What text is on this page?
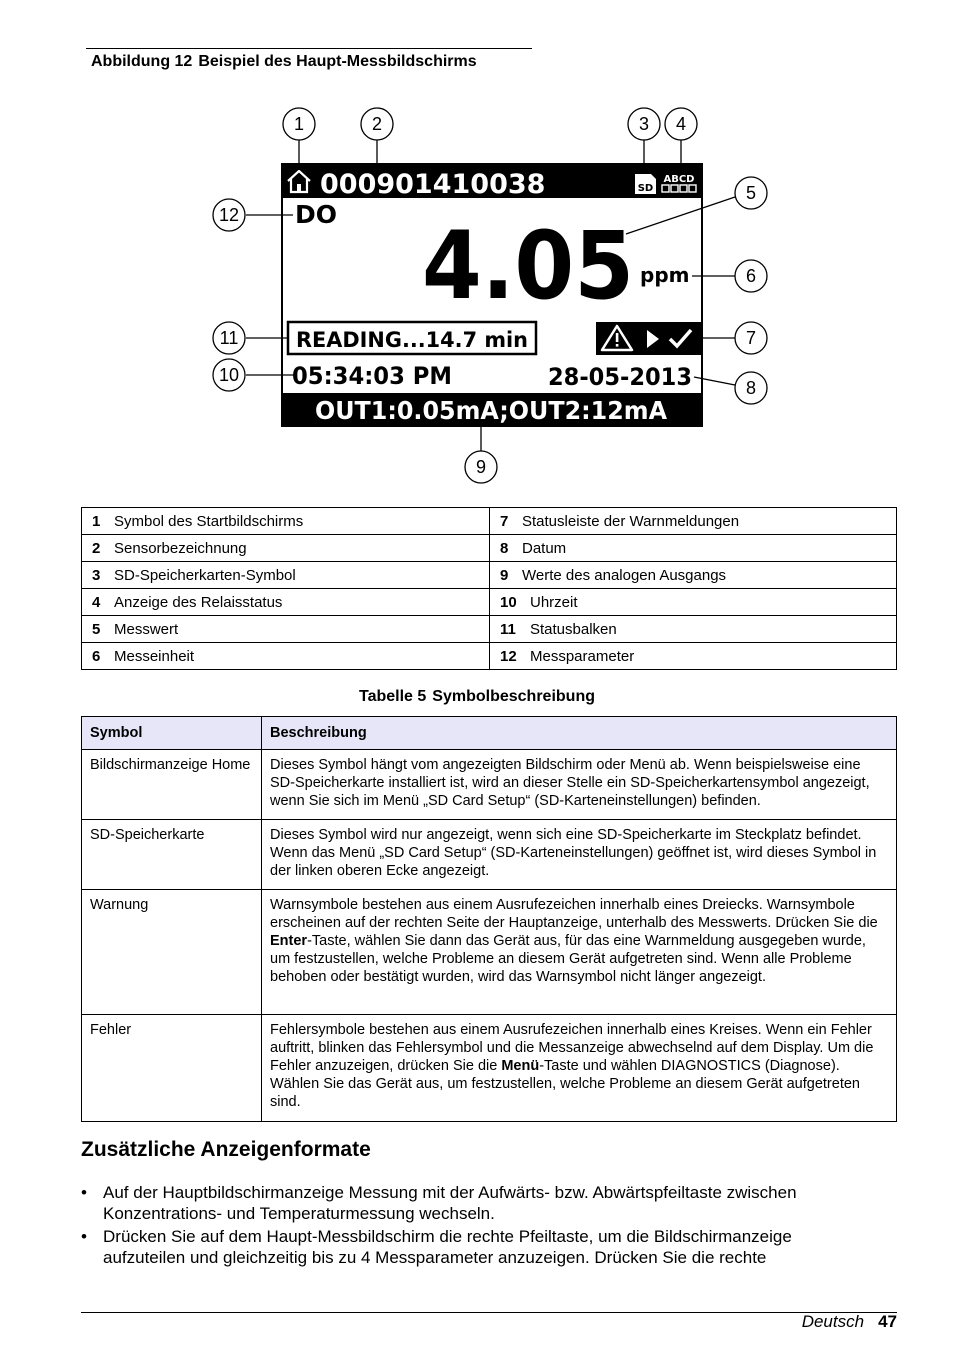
Abbildung 12 Beispiel des Haupt-Messbildschirms
000901410038	SD
ABCD
DO 4.05 ppm
READING...14.7 min
05:34:03 PM	28-05-2013
OUT1:0.05mA;OUT2:12mA
1	2	3 4
5
6
7
8
9
10
11
12
1 Symbol des Startbildschirms	7 Statusleiste der Warnmeldungen
2 Sensorbezeichnung	8 Datum
3 SD-Speicherkarten-Symbol	9 Werte des analogen Ausgangs
4 Anzeige des Relaisstatus	10 Uhrzeit
5 Messwert	11 Statusbalken
6 Messeinheit	12 Messparameter
Tabelle 5 Symbolbeschreibung
Symbol	Beschreibung
Bildschirmanzeige Home	Dieses Symbol hängt vom angezeigten Bildschirm oder Menü ab. Wenn beispielsweise eine SD-Speicherkarte installiert ist, wird an dieser Stelle ein SD-Speicherkartensymbol angezeigt, wenn Sie sich im Menü „SD Card Setup“ (SD-Karteneinstellungen) befinden.
SD-Speicherkarte	Dieses Symbol wird nur angezeigt, wenn sich eine SD-Speicherkarte im Steckplatz befindet. Wenn das Menü „SD Card Setup“ (SD-Karteneinstellungen) geöffnet ist, wird dieses Symbol in der linken oberen Ecke angezeigt.
Warnung	Warnsymbole bestehen aus einem Ausrufezeichen innerhalb eines Dreiecks. Warnsymbole erscheinen auf der rechten Seite der Hauptanzeige, unterhalb des Messwerts. Drücken Sie die Enter-Taste, wählen Sie dann das Gerät aus, für das eine Warnmeldung ausgegeben wurde, um festzustellen, welche Probleme an diesem Gerät aufgetreten sind. Wenn alle Probleme behoben oder bestätigt wurden, wird das Warnsymbol nicht länger angezeigt.
Fehler	Fehlersymbole bestehen aus einem Ausrufezeichen innerhalb eines Kreises. Wenn ein Fehler auftritt, blinken das Fehlersymbol und die Messanzeige abwechselnd auf dem Display. Um die Fehler anzuzeigen, drücken Sie die Menü-Taste und wählen DIAGNOSTICS (Diagnose). Wählen Sie das Gerät aus, um festzustellen, welche Probleme an diesem Gerät aufgetreten sind.
Zusätzliche Anzeigenformate
• Auf der Hauptbildschirmanzeige Messung mit der Aufwärts- bzw. Abwärtspfeiltaste zwischen Konzentrations- und Temperaturmessung wechseln.
• Drücken Sie auf dem Haupt-Messbildschirm die rechte Pfeiltaste, um die Bildschirmanzeige aufzuteilen und gleichzeitig bis zu 4 Messparameter anzuzeigen. Drücken Sie die rechte
Deutsch 47
